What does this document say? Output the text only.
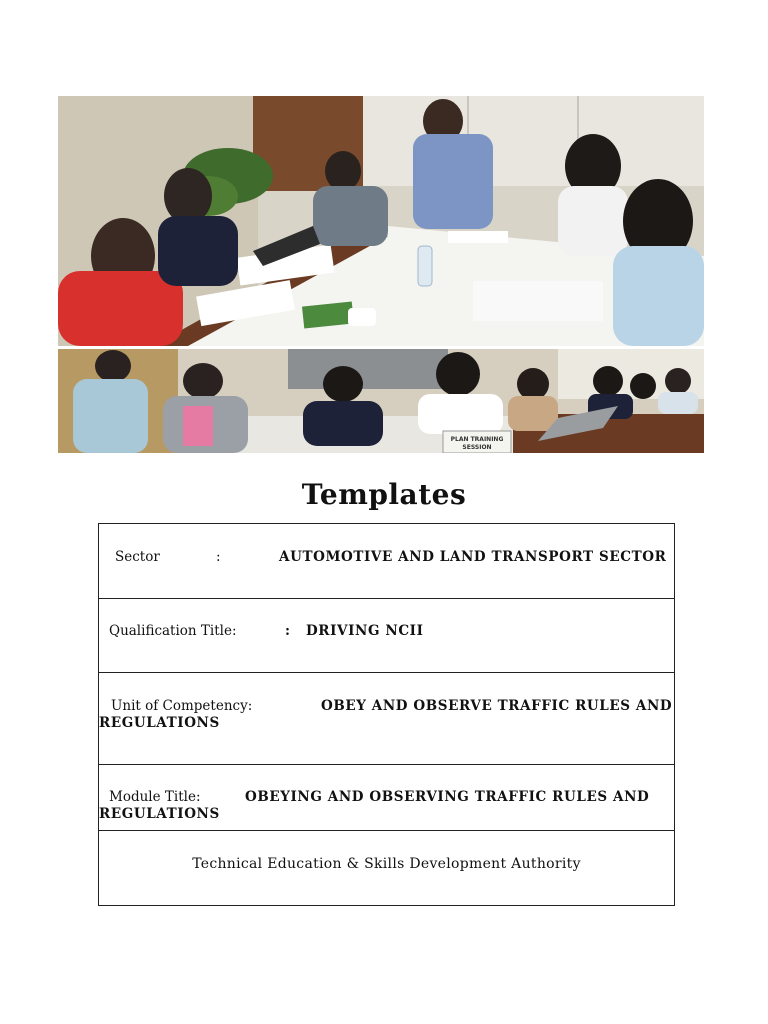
PLAN TRAINING
SESSION
Templates
Sector	:	AUTOMOTIVE AND LAND TRANSPORT SECTOR
Qualification Title:	: DRIVING NCII
Unit of Competency:	OBEY AND OBSERVE TRAFFIC RULES AND
REGULATIONS
Module Title:	OBEYING AND OBSERVING TRAFFIC RULES AND
REGULATIONS
Technical Education & Skills Development Authority
